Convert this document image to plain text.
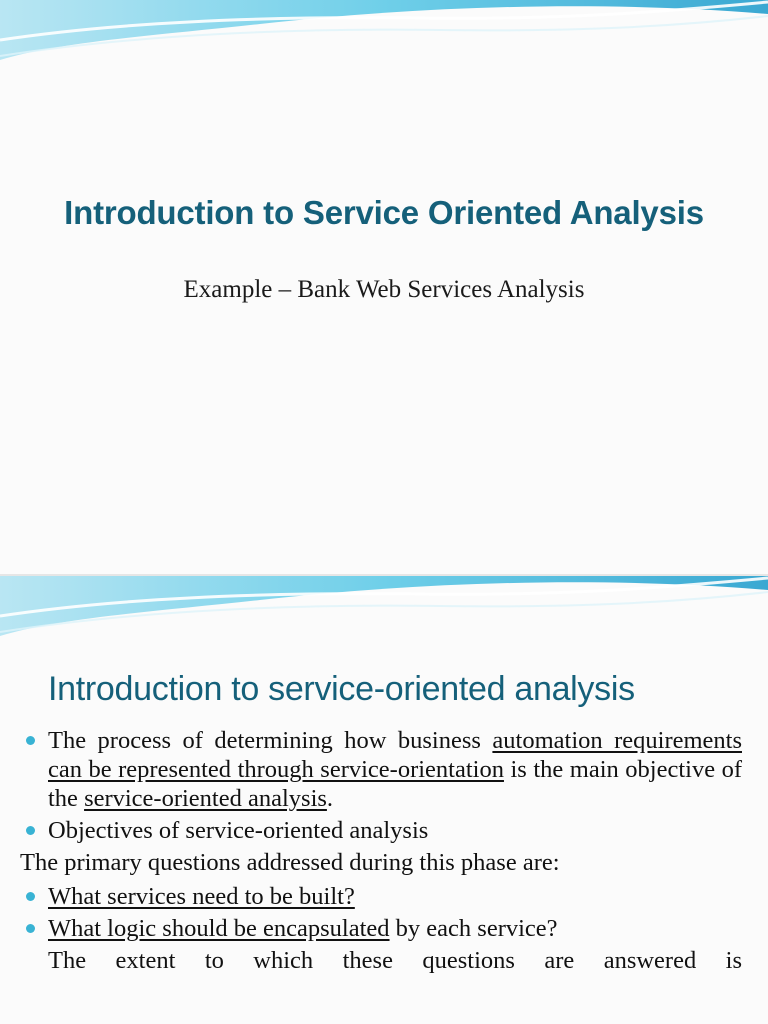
Introduction to Service Oriented Analysis
Example – Bank Web Services Analysis
Introduction to service-oriented analysis
The process of determining how business automation requirements can be represented through service-orientation is the main objective of the service-oriented analysis.
Objectives of service-oriented analysis
The primary questions addressed during this phase are:
What services need to be built?
What logic should be encapsulated by each service?
The extent to which these questions are answered is
